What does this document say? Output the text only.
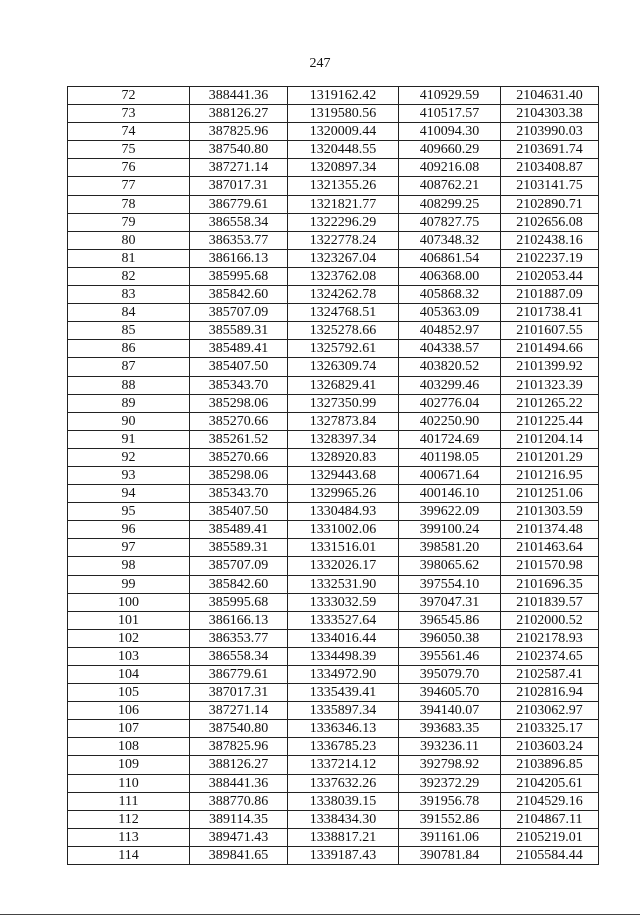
247
72	388441.36	1319162.42	410929.59	2104631.40
73	388126.27	1319580.56	410517.57	2104303.38
74	387825.96	1320009.44	410094.30	2103990.03
75	387540.80	1320448.55	409660.29	2103691.74
76	387271.14	1320897.34	409216.08	2103408.87
77	387017.31	1321355.26	408762.21	2103141.75
78	386779.61	1321821.77	408299.25	2102890.71
79	386558.34	1322296.29	407827.75	2102656.08
80	386353.77	1322778.24	407348.32	2102438.16
81	386166.13	1323267.04	406861.54	2102237.19
82	385995.68	1323762.08	406368.00	2102053.44
83	385842.60	1324262.78	405868.32	2101887.09
84	385707.09	1324768.51	405363.09	2101738.41
85	385589.31	1325278.66	404852.97	2101607.55
86	385489.41	1325792.61	404338.57	2101494.66
87	385407.50	1326309.74	403820.52	2101399.92
88	385343.70	1326829.41	403299.46	2101323.39
89	385298.06	1327350.99	402776.04	2101265.22
90	385270.66	1327873.84	402250.90	2101225.44
91	385261.52	1328397.34	401724.69	2101204.14
92	385270.66	1328920.83	401198.05	2101201.29
93	385298.06	1329443.68	400671.64	2101216.95
94	385343.70	1329965.26	400146.10	2101251.06
95	385407.50	1330484.93	399622.09	2101303.59
96	385489.41	1331002.06	399100.24	2101374.48
97	385589.31	1331516.01	398581.20	2101463.64
98	385707.09	1332026.17	398065.62	2101570.98
99	385842.60	1332531.90	397554.10	2101696.35
100	385995.68	1333032.59	397047.31	2101839.57
101	386166.13	1333527.64	396545.86	2102000.52
102	386353.77	1334016.44	396050.38	2102178.93
103	386558.34	1334498.39	395561.46	2102374.65
104	386779.61	1334972.90	395079.70	2102587.41
105	387017.31	1335439.41	394605.70	2102816.94
106	387271.14	1335897.34	394140.07	2103062.97
107	387540.80	1336346.13	393683.35	2103325.17
108	387825.96	1336785.23	393236.11	2103603.24
109	388126.27	1337214.12	392798.92	2103896.85
110	388441.36	1337632.26	392372.29	2104205.61
111	388770.86	1338039.15	391956.78	2104529.16
112	389114.35	1338434.30	391552.86	2104867.11
113	389471.43	1338817.21	391161.06	2105219.01
114	389841.65	1339187.43	390781.84	2105584.44
